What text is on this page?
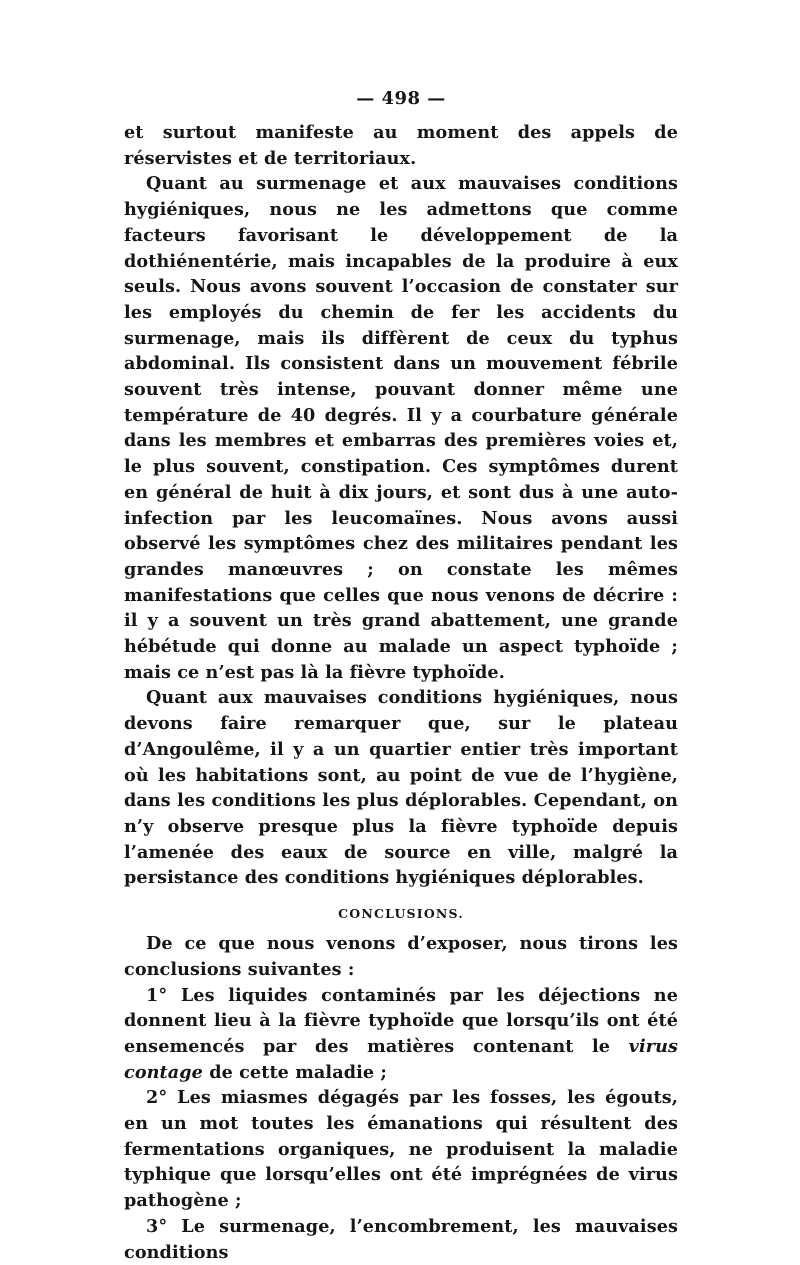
— 498 —

et surtout manifeste au moment des appels de réservistes et de territoriaux.

Quant au surmenage et aux mauvaises conditions hygiéniques, nous ne les admettons que comme facteurs favorisant le développement de la dothiénentérie, mais incapables de la produire à eux seuls. Nous avons souvent l’occasion de constater sur les employés du chemin de fer les accidents du surmenage, mais ils diffèrent de ceux du typhus abdominal. Ils consistent dans un mouvement fébrile souvent très intense, pouvant donner même une température de 40 degrés. Il y a courbature générale dans les membres et embarras des premières voies et, le plus souvent, constipation. Ces symptômes durent en général de huit à dix jours, et sont dus à une auto-infection par les leucomaïnes. Nous avons aussi observé les symptômes chez des militaires pendant les grandes manœuvres ; on constate les mêmes manifestations que celles que nous venons de décrire : il y a souvent un très grand abattement, une grande hébétude qui donne au malade un aspect typhoïde ; mais ce n’est pas là la fièvre typhoïde.

Quant aux mauvaises conditions hygiéniques, nous devons faire remarquer que, sur le plateau d’Angoulême, il y a un quartier entier très important où les habitations sont, au point de vue de l’hygiène, dans les conditions les plus déplorables. Cependant, on n’y observe presque plus la fièvre typhoïde depuis l’amenée des eaux de source en ville, malgré la persistance des conditions hygiéniques déplorables.

CONCLUSIONS.

De ce que nous venons d’exposer, nous tirons les conclusions suivantes :

1° Les liquides contaminés par les déjections ne donnent lieu à la fièvre typhoïde que lorsqu’ils ont été ensemencés par des matières contenant le virus contage de cette maladie ;

2° Les miasmes dégagés par les fosses, les égouts, en un mot toutes les émanations qui résultent des fermentations organiques, ne produisent la maladie typhique que lorsqu’elles ont été imprégnées de virus pathogène ;

3° Le surmenage, l’encombrement, les mauvaises conditions
